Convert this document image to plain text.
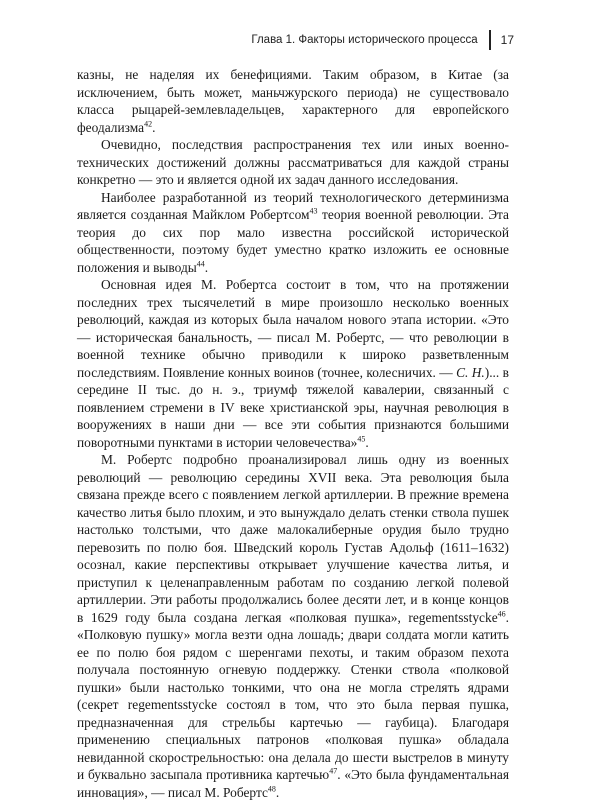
Глава 1. Факторы исторического процесса 17

казны, не наделяя их бенефициями. Таким образом, в Китае (за исключением, быть может, маньчжурского периода) не существовало класса рыцарей-землевладельцев, характерного для европейского феодализма$^{42}$.

Очевидно, последствия распространения тех или иных военно-технических достижений должны рассматриваться для каждой страны конкретно — это и является одной их задач данного исследования.

Наиболее разработанной из теорий технологического детерминизма является созданная Майклом Робертсом$^{43}$ теория военной революции. Эта теория до сих пор мало известна российской исторической общественности, поэтому будет уместно кратко изложить ее основные положения и выводы$^{44}$.

Основная идея М. Робертса состоит в том, что на протяжении последних трех тысячелетий в мире произошло несколько военных революций, каждая из которых была началом нового этапа истории. «Это — историческая банальность, — писал М. Робертс, — что революции в военной технике обычно приводили к широко разветвленным последствиям. Появление конных воинов (точнее, колесничих. — С. Н.)... в середине II тыс. до н. э., триумф тяжелой кавалерии, связанный с появлением стремени в IV веке христианской эры, научная революция в вооружениях в наши дни — все эти события признаются большими поворотными пунктами в истории человечества»$^{45}$.

М. Робертс подробно проанализировал лишь одну из военных революций — революцию середины XVII века. Эта революция была связана прежде всего с появлением легкой артиллерии. В прежние времена качество литья было плохим, и это вынуждало делать стенки ствола пушек настолько толстыми, что даже малокалиберные орудия было трудно перевозить по полю боя. Шведский король Густав Адольф (1611–1632) осознал, какие перспективы открывает улучшение качества литья, и приступил к целенаправленным работам по созданию легкой полевой артиллерии. Эти работы продолжались более десяти лет, и в конце концов в 1629 году была создана легкая «полковая пушка», regementsstycke$^{46}$. «Полковую пушку» могла везти одна лошадь; двари солдата могли катить ее по полю боя рядом с шеренгами пехоты, и таким образом пехота получала постоянную огневую поддержку. Стенки ствола «полковой пушки» были настолько тонкими, что она не могла стрелять ядрами (секрет regementsstycke состоял в том, что это была первая пушка, предназначенная для стрельбы картечью — гаубица). Благодаря применению специальных патронов «полковая пушка» обладала невиданной скорострельностью: она делала до шести выстрелов в минуту и буквально засыпала противника картечью$^{47}$. «Это была фундаментальная инновация», — писал М. Робертс$^{48}$.
